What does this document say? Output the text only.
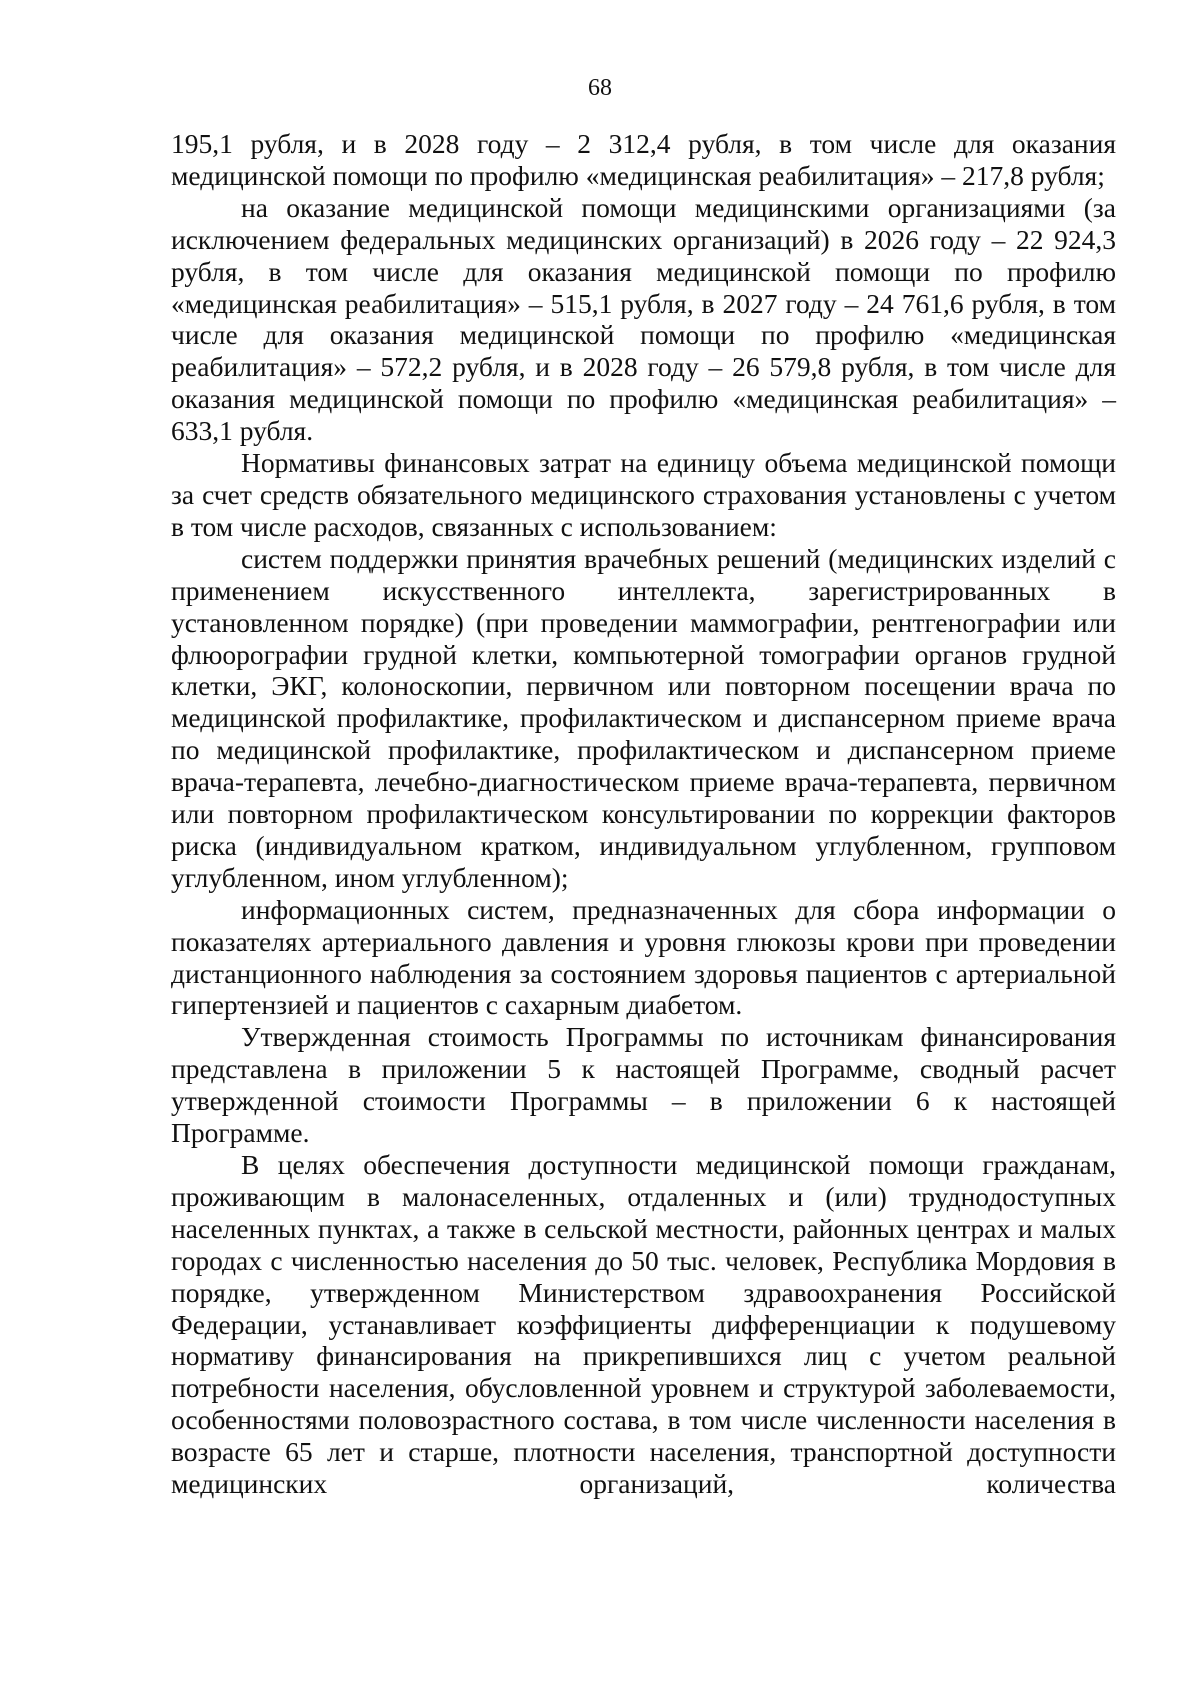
68

195,1 рубля, и в 2028 году – 2 312,4 рубля, в том числе для оказания медицинской помощи по профилю «медицинская реабилитация» – 217,8 рубля;

на оказание медицинской помощи медицинскими организациями (за исключением федеральных медицинских организаций) в 2026 году – 22 924,3 рубля, в том числе для оказания медицинской помощи по профилю «медицинская реабилитация» – 515,1 рубля, в 2027 году – 24 761,6 рубля, в том числе для оказания медицинской помощи по профилю «медицинская реабилитация» – 572,2 рубля, и в 2028 году – 26 579,8 рубля, в том числе для оказания медицинской помощи по профилю «медицинская реабилитация» – 633,1 рубля.

Нормативы финансовых затрат на единицу объема медицинской помощи за счет средств обязательного медицинского страхования установлены с учетом в том числе расходов, связанных с использованием:

систем поддержки принятия врачебных решений (медицинских изделий с применением искусственного интеллекта, зарегистрированных в установленном порядке) (при проведении маммографии, рентгенографии или флюорографии грудной клетки, компьютерной томографии органов грудной клетки, ЭКГ, колоноскопии, первичном или повторном посещении врача по медицинской профилактике, профилактическом и диспансерном приеме врача по медицинской профилактике, профилактическом и диспансерном приеме врача-терапевта, лечебно-диагностическом приеме врача-терапевта, первичном или повторном профилактическом консультировании по коррекции факторов риска (индивидуальном кратком, индивидуальном углубленном, групповом углубленном, ином углубленном);

информационных систем, предназначенных для сбора информации о показателях артериального давления и уровня глюкозы крови при проведении дистанционного наблюдения за состоянием здоровья пациентов с артериальной гипертензией и пациентов с сахарным диабетом.

Утвержденная стоимость Программы по источникам финансирования представлена в приложении 5 к настоящей Программе, сводный расчет утвержденной стоимости Программы – в приложении 6 к настоящей Программе.

В целях обеспечения доступности медицинской помощи гражданам, проживающим в малонаселенных, отдаленных и (или) труднодоступных населенных пунктах, а также в сельской местности, районных центрах и малых городах с численностью населения до 50 тыс. человек, Республика Мордовия в порядке, утвержденном Министерством здравоохранения Российской Федерации, устанавливает коэффициенты дифференциации к подушевому нормативу финансирования на прикрепившихся лиц с учетом реальной потребности населения, обусловленной уровнем и структурой заболеваемости, особенностями половозрастного состава, в том числе численности населения в возрасте 65 лет и старше, плотности населения, транспортной доступности медицинских организаций, количества
